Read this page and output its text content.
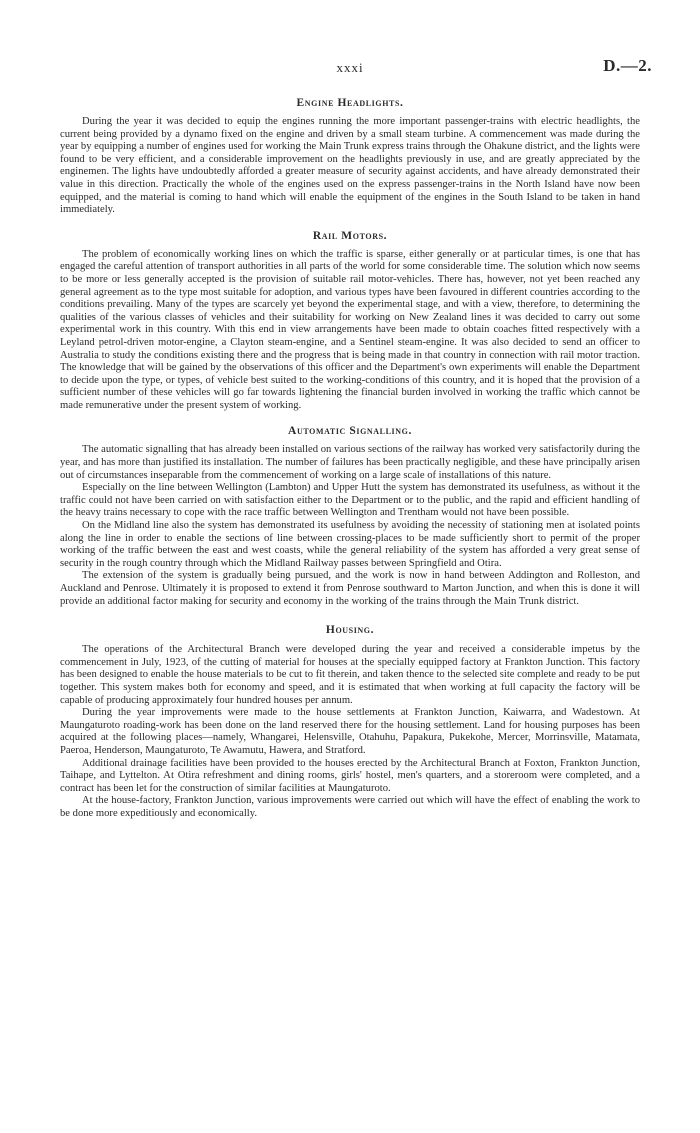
xxxi	D.—2.
Engine Headlights.

During the year it was decided to equip the engines running the more important passenger-trains with electric headlights, the current being provided by a dynamo fixed on the engine and driven by a small steam turbine. A commencement was made during the year by equipping a number of engines used for working the Main Trunk express trains through the Ohakune district, and the lights were found to be very efficient, and a considerable improvement on the headlights previously in use, and are greatly appreciated by the enginemen. The lights have undoubtedly afforded a greater measure of security against accidents, and have already demonstrated their value in this direction. Practically the whole of the engines used on the express passenger-trains in the North Island have now been equipped, and the material is coming to hand which will enable the equipment of the engines in the South Island to be taken in hand immediately.

Rail Motors.

The problem of economically working lines on which the traffic is sparse, either generally or at particular times, is one that has engaged the careful attention of transport authorities in all parts of the world for some considerable time. The solution which now seems to be more or less generally accepted is the provision of suitable rail motor-vehicles. There has, however, not yet been reached any general agreement as to the type most suitable for adoption, and various types have been favoured in different countries according to the conditions prevailing. Many of the types are scarcely yet beyond the experimental stage, and with a view, therefore, to determining the qualities of the various classes of vehicles and their suitability for working on New Zealand lines it was decided to carry out some experimental work in this country. With this end in view arrangements have been made to obtain coaches fitted respectively with a Leyland petrol-driven motor-engine, a Clayton steam-engine, and a Sentinel steam-engine. It was also decided to send an officer to Australia to study the conditions existing there and the progress that is being made in that country in connection with rail motor traction. The knowledge that will be gained by the observations of this officer and the Department's own experiments will enable the Department to decide upon the type, or types, of vehicle best suited to the working-conditions of this country, and it is hoped that the provision of a sufficient number of these vehicles will go far towards lightening the financial burden involved in working the traffic which cannot be made remunerative under the present system of working.

Automatic Signalling.

The automatic signalling that has already been installed on various sections of the railway has worked very satisfactorily during the year, and has more than justified its installation. The number of failures has been practically negligible, and these have principally arisen out of circumstances inseparable from the commencement of working on a large scale of installations of this nature.

Especially on the line between Wellington (Lambton) and Upper Hutt the system has demonstrated its usefulness, as without it the traffic could not have been carried on with satisfaction either to the Department or to the public, and the rapid and efficient handling of the heavy trains necessary to cope with the race traffic between Wellington and Trentham would not have been possible.

On the Midland line also the system has demonstrated its usefulness by avoiding the necessity of stationing men at isolated points along the line in order to enable the sections of line between crossing-places to be made sufficiently short to permit of the proper working of the traffic between the east and west coasts, while the general reliability of the system has afforded a very great sense of security in the rough country through which the Midland Railway passes between Springfield and Otira.

The extension of the system is gradually being pursued, and the work is now in hand between Addington and Rolleston, and Auckland and Penrose. Ultimately it is proposed to extend it from Penrose southward to Marton Junction, and when this is done it will provide an additional factor making for security and economy in the working of the trains through the Main Trunk district.

Housing.

The operations of the Architectural Branch were developed during the year and received a considerable impetus by the commencement in July, 1923, of the cutting of material for houses at the specially equipped factory at Frankton Junction. This factory has been designed to enable the house materials to be cut to fit therein, and taken thence to the selected site complete and ready to be put together. This system makes both for economy and speed, and it is estimated that when working at full capacity the factory will be capable of producing approximately four hundred houses per annum.

During the year improvements were made to the house settlements at Frankton Junction, Kaiwarra, and Wadestown. At Maungaturoto roading-work has been done on the land reserved there for the housing settlement. Land for housing purposes has been acquired at the following places—namely, Whangarei, Helensville, Otahuhu, Papakura, Pukekohe, Mercer, Morrinsville, Matamata, Paeroa, Henderson, Maungaturoto, Te Awamutu, Hawera, and Stratford.

Additional drainage facilities have been provided to the houses erected by the Architectural Branch at Foxton, Frankton Junction, Taihape, and Lyttelton. At Otira refreshment and dining rooms, girls' hostel, men's quarters, and a storeroom were completed, and a contract has been let for the construction of similar facilities at Maungaturoto.

At the house-factory, Frankton Junction, various improvements were carried out which will have the effect of enabling the work to be done more expeditiously and economically.
